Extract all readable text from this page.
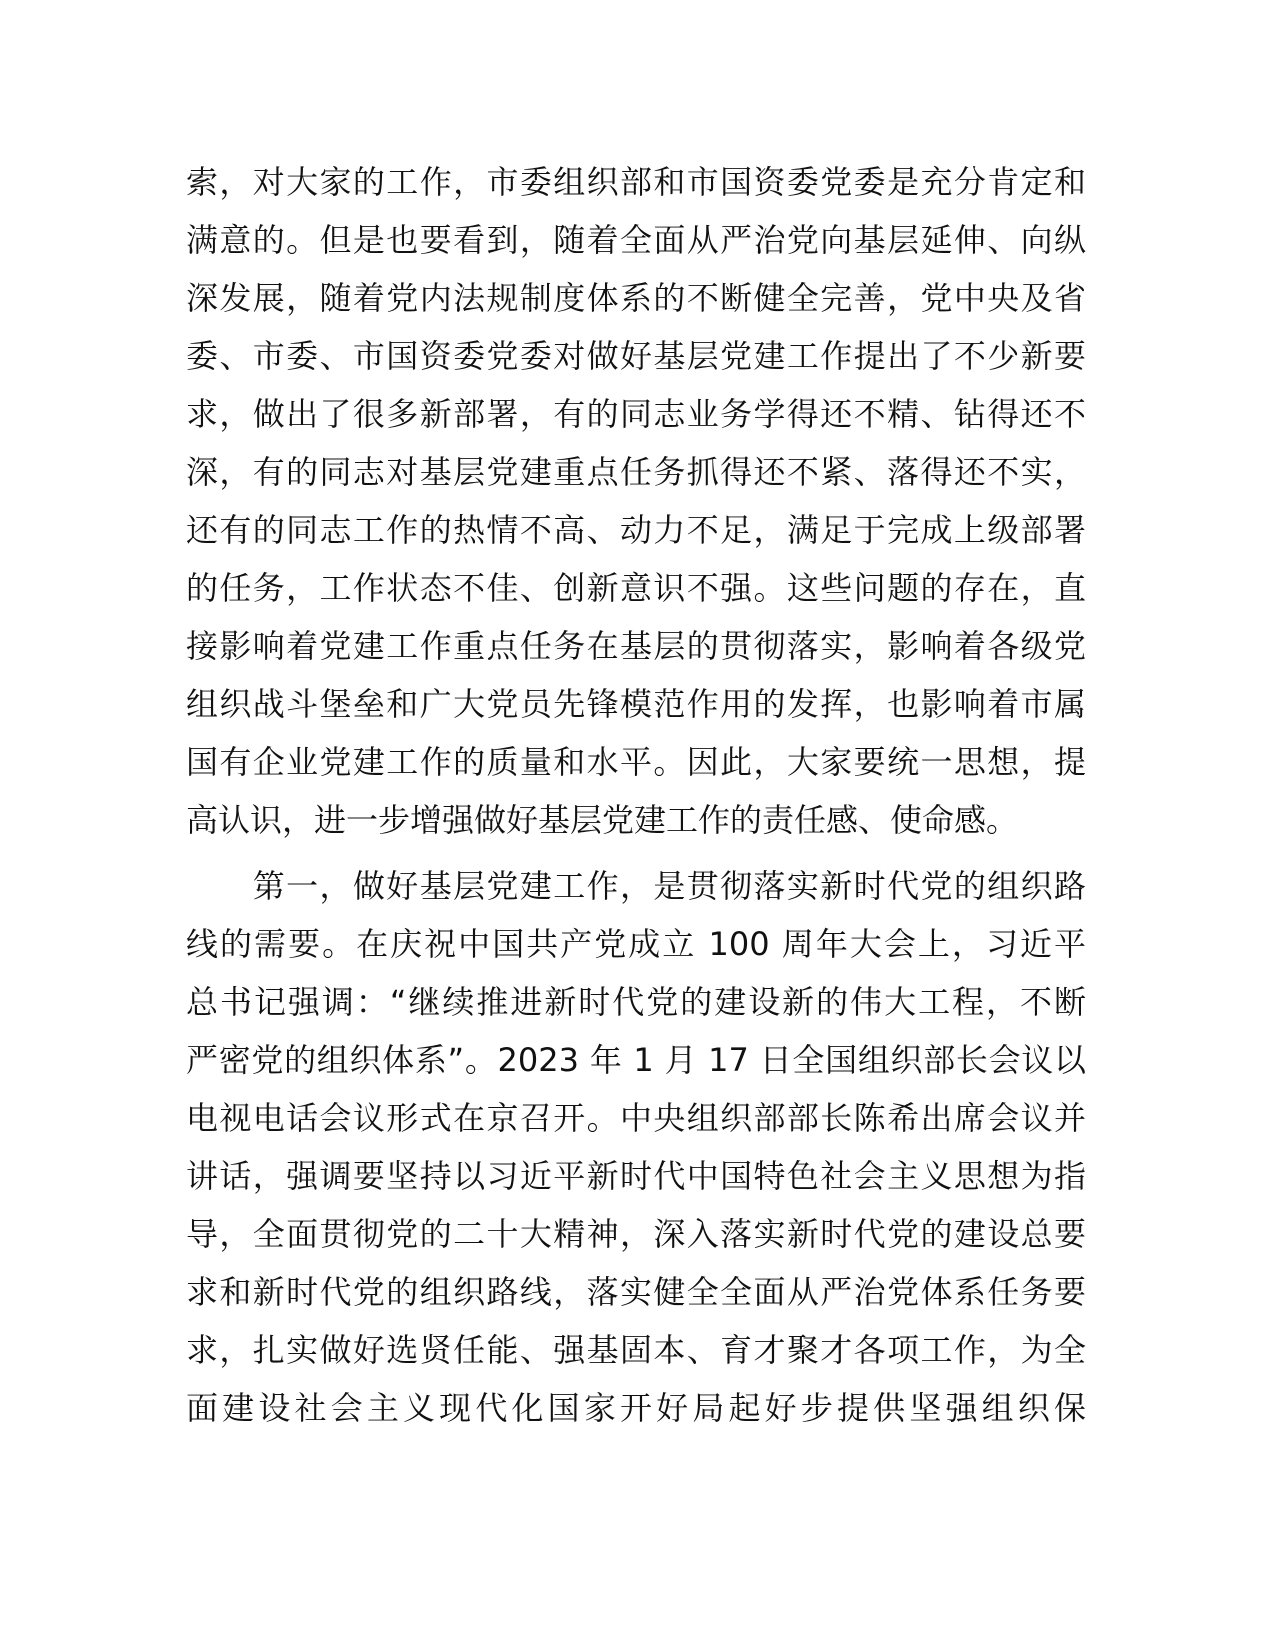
索，对大家的工作，市委组织部和市国资委党委是充分肯定和
满意的。但是也要看到，随着全面从严治党向基层延伸、向纵
深发展，随着党内法规制度体系的不断健全完善，党中央及省
委、市委、市国资委党委对做好基层党建工作提出了不少新要
求，做出了很多新部署，有的同志业务学得还不精、钻得还不
深，有的同志对基层党建重点任务抓得还不紧、落得还不实，
还有的同志工作的热情不高、动力不足，满足于完成上级部署
的任务，工作状态不佳、创新意识不强。这些问题的存在，直
接影响着党建工作重点任务在基层的贯彻落实，影响着各级党
组织战斗堡垒和广大党员先锋模范作用的发挥，也影响着市属
国有企业党建工作的质量和水平。因此，大家要统一思想，提
高认识，进一步增强做好基层党建工作的责任感、使命感。
　　第一，做好基层党建工作，是贯彻落实新时代党的组织路
线的需要。在庆祝中国共产党成立 100 周年大会上，习近平
总书记强调：“继续推进新时代党的建设新的伟大工程，不断
严密党的组织体系”。2023 年 1 月 17 日全国组织部长会议以
电视电话会议形式在京召开。中央组织部部长陈希出席会议并
讲话，强调要坚持以习近平新时代中国特色社会主义思想为指
导，全面贯彻党的二十大精神，深入落实新时代党的建设总要
求和新时代党的组织路线，落实健全全面从严治党体系任务要
求，扎实做好选贤任能、强基固本、育才聚才各项工作，为全
面建设社会主义现代化国家开好局起好步提供坚强组织保
